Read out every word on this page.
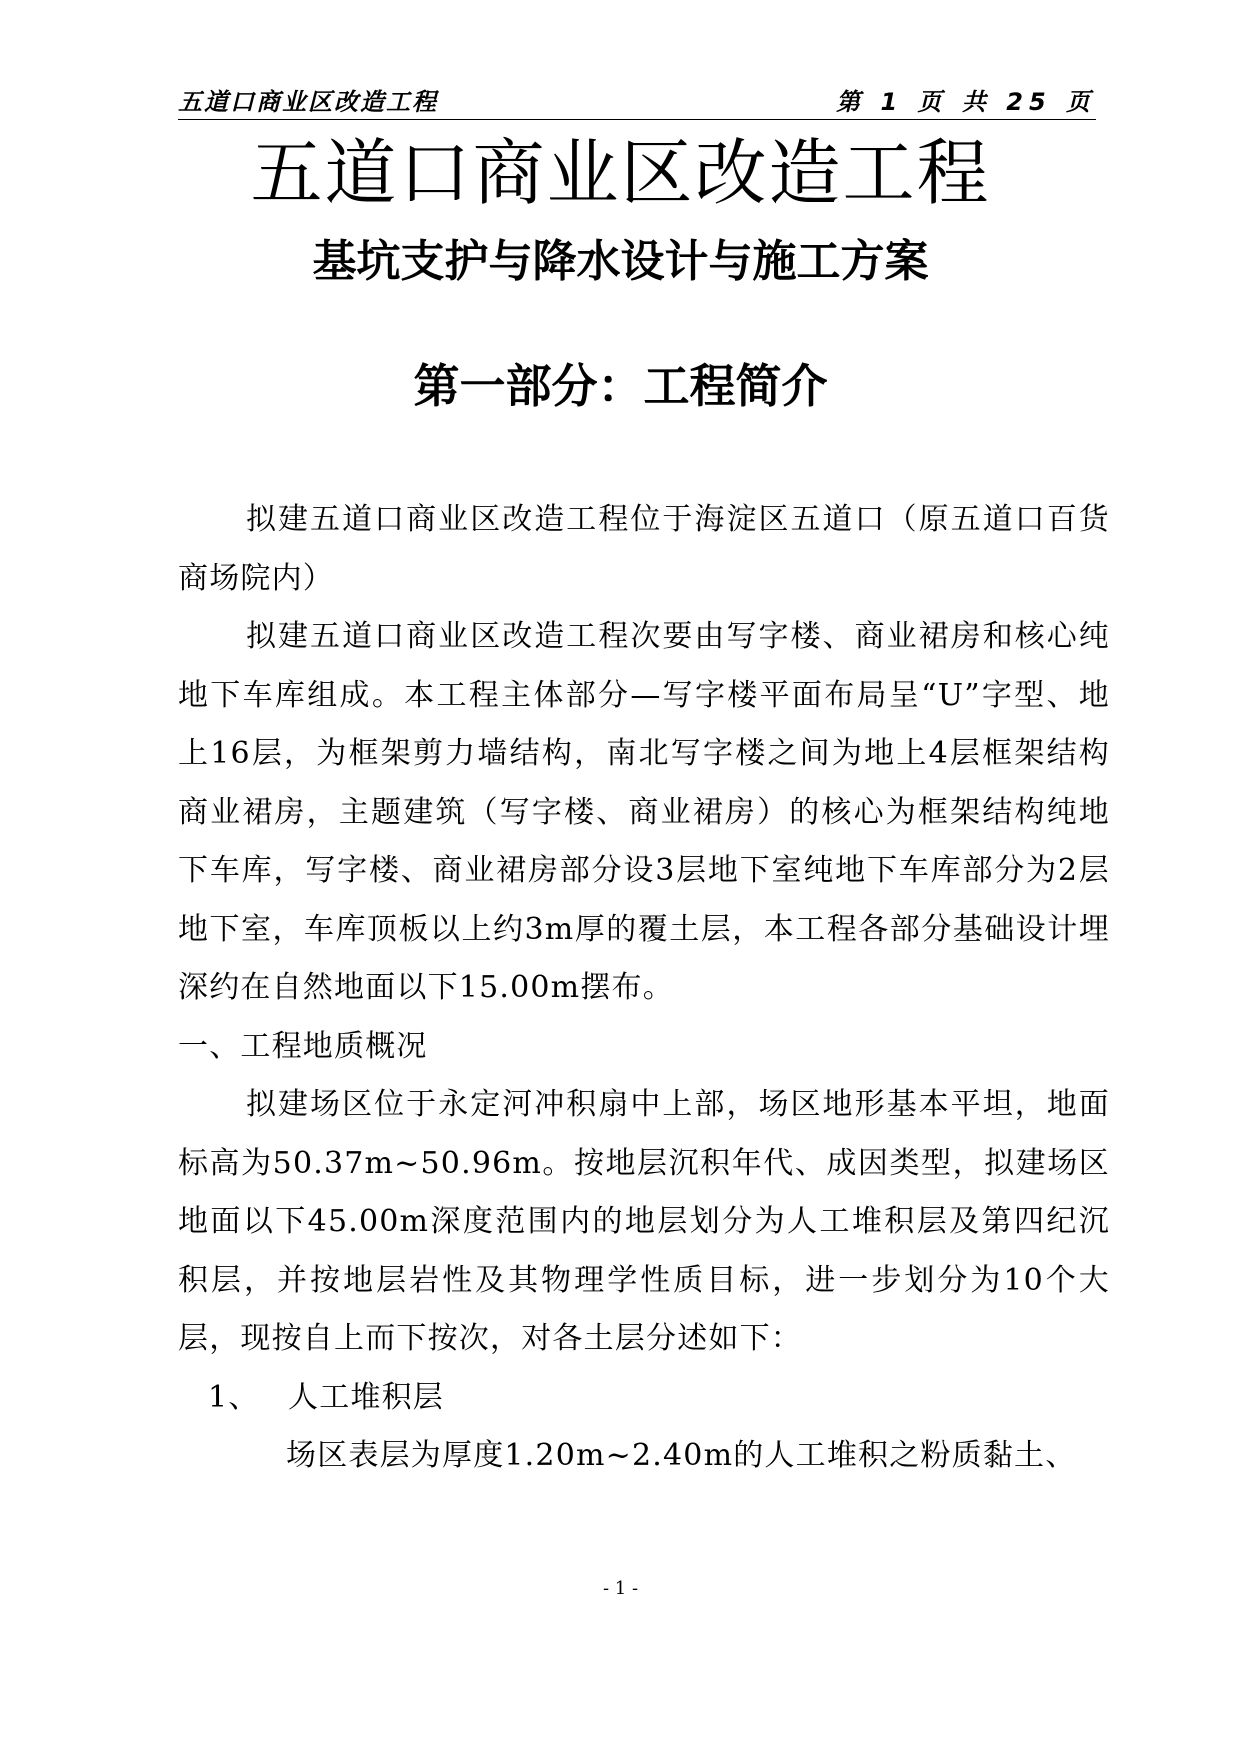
五道口商业区改造工程	第 1 页 共 25 页
五道口商业区改造工程
基坑支护与降水设计与施工方案
第一部分：工程简介

拟建五道口商业区改造工程位于海淀区五道口（原五道口百货商场院内）

拟建五道口商业区改造工程次要由写字楼、商业裙房和核心纯地下车库组成。本工程主体部分—写字楼平面布局呈“U”字型、地上16层，为框架剪力墙结构，南北写字楼之间为地上4层框架结构商业裙房，主题建筑（写字楼、商业裙房）的核心为框架结构纯地下车库，写字楼、商业裙房部分设3层地下室纯地下车库部分为2层地下室，车库顶板以上约3m厚的覆土层，本工程各部分基础设计埋深约在自然地面以下15.00m摆布。

一、工程地质概况

拟建场区位于永定河冲积扇中上部，场区地形基本平坦，地面标高为50.37m~50.96m。按地层沉积年代、成因类型，拟建场区地面以下45.00m深度范围内的地层划分为人工堆积层及第四纪沉积层，并按地层岩性及其物理学性质目标，进一步划分为10个大层，现按自上而下按次，对各土层分述如下：

1、 人工堆积层

场区表层为厚度1.20m~2.40m的人工堆积之粉质黏土、

- 1 -
